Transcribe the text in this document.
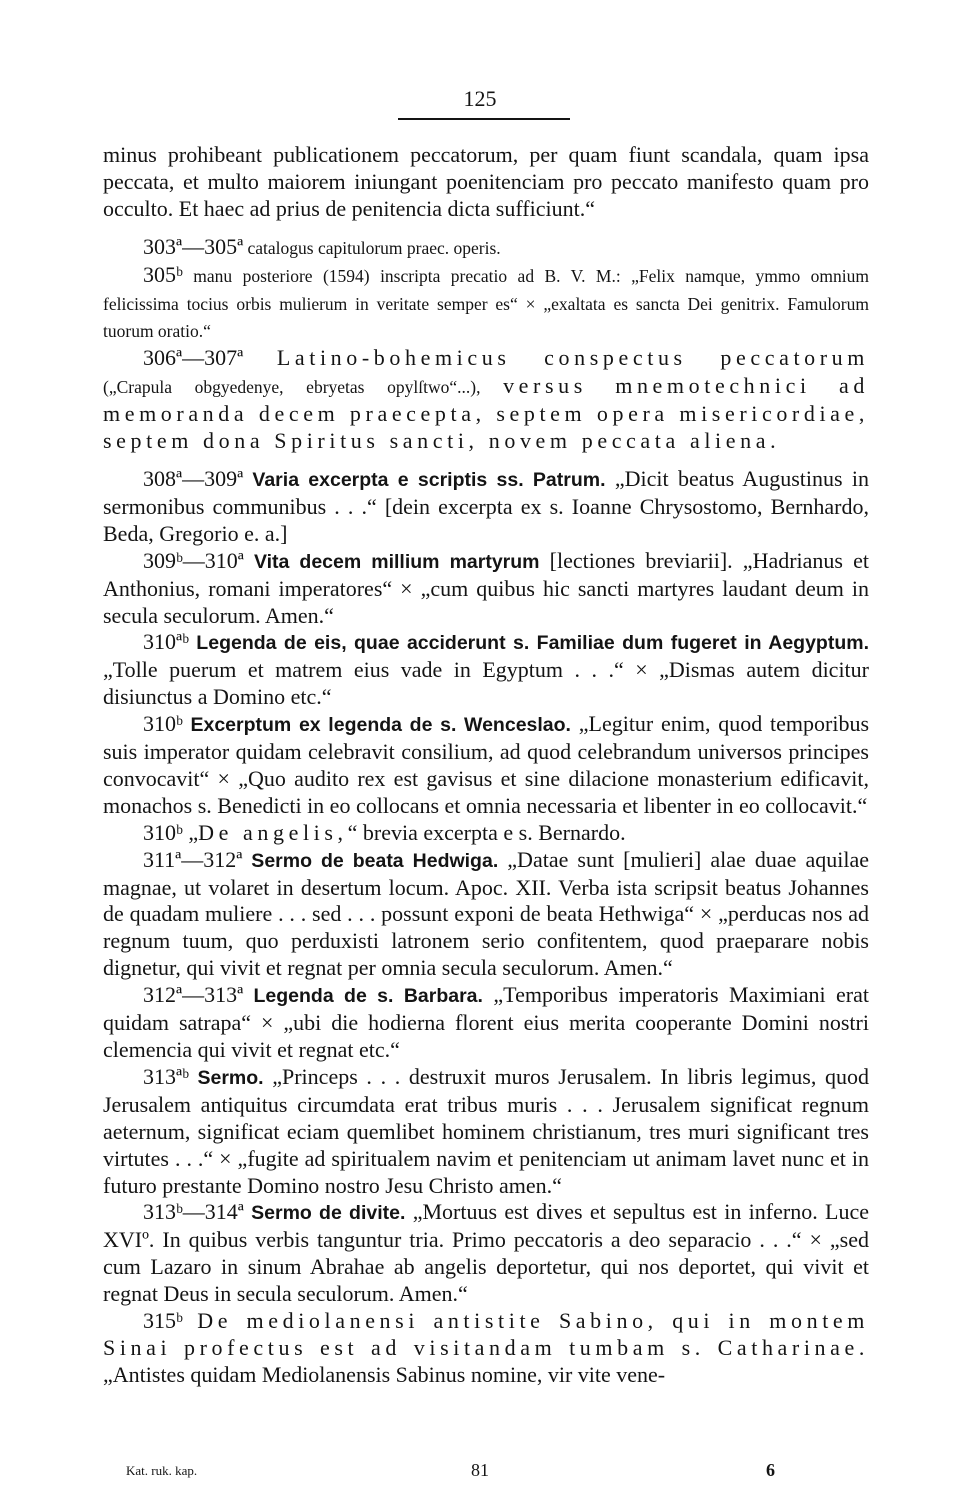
125

minus prohibeant publicationem peccatorum, per quam fiunt scandala, quam ipsa peccata, et multo maiorem iniungant poenitenciam pro peccato manifesto quam pro occulto. Et haec ad prius de penitencia dicta sufficiunt.“

303ª—305ª catalogus capitulorum praec. operis.

305ᵇ manu posteriore (1594) inscripta precatio ad B. V. M.: „Felix namque, ymmo omnium felicissima tocius orbis mulierum in veritate semper es“ × „exaltata es sancta Dei genitrix. Famulorum tuorum oratio.“

306ª—307ª Latino-bohemicus conspectus peccatorum („Crapula obgyedenye, ebryetas opylſtwo“...), versus mnemotechnici ad memoranda decem praecepta, septem opera misericordiae, septem dona Spiritus sancti, novem peccata aliena.

308ª—309ª Varia excerpta e scriptis ss. Patrum. „Dicit beatus Augustinus in sermonibus communibus . . .“ [dein excerpta ex s. Ioanne Chrysostomo, Bernhardo, Beda, Gregorio e. a.]

309ᵇ—310ª Vita decem millium martyrum [lectiones breviarii]. „Hadrianus et Anthonius, romani imperatores“ × „cum quibus hic sancti martyres laudant deum in secula seculorum. Amen.“

310ªᵇ Legenda de eis, quae acciderunt s. Familiae dum fugeret in Aegyptum. „Tolle puerum et matrem eius vade in Egyptum . . .“ × „Dismas autem dicitur disiunctus a Domino etc.“

310ᵇ Excerptum ex legenda de s. Wenceslao. „Legitur enim, quod temporibus suis imperator quidam celebravit consilium, ad quod celebrandum universos principes convocavit“ × „Quo audito rex est gavisus et sine dilacione monasterium edificavit, monachos s. Benedicti in eo collocans et omnia necessaria et libenter in eo collocavit.“

310ᵇ „De angelis,“ brevia excerpta e s. Bernardo.

311ª—312ª Sermo de beata Hedwiga. „Datae sunt [mulieri] alae duae aquilae magnae, ut volaret in desertum locum. Apoc. XII. Verba ista scripsit beatus Johannes de quadam muliere . . . sed . . . possunt exponi de beata Hethwiga“ × „perducas nos ad regnum tuum, quo perduxisti latronem serio confitentem, quod praeparare nobis dignetur, qui vivit et regnat per omnia secula seculorum. Amen.“

312ª—313ª Legenda de s. Barbara. „Temporibus imperatoris Maximiani erat quidam satrapa“ × „ubi die hodierna florent eius merita cooperante Domini nostri clemencia qui vivit et regnat etc.“

313ªᵇ Sermo. „Princeps . . . destruxit muros Jerusalem. In libris legimus, quod Jerusalem antiquitus circumdata erat tribus muris . . . Jerusalem significat regnum aeternum, significat eciam quemlibet hominem christianum, tres muri significant tres virtutes . . .“ × „fugite ad spiritualem navim et penitenciam ut animam lavet nunc et in futuro prestante Domino nostro Jesu Christo amen.“

313ᵇ—314ª Sermo de divite. „Mortuus est dives et sepultus est in inferno. Luce XVIº. In quibus verbis tanguntur tria. Primo peccatoris a deo separacio . . .“ × „sed cum Lazaro in sinum Abrahae ab angelis deportetur, qui nos deportet, qui vivit et regnat Deus in secula seculorum. Amen.“

315ᵇ De mediolanensi antistite Sabino, qui in montem Sinai profectus est ad visitandam tumbam s. Catharinae. „Antistes quidam Mediolanensis Sabinus nomine, vir vite vene-

Kat. ruk. kap.	81	6
